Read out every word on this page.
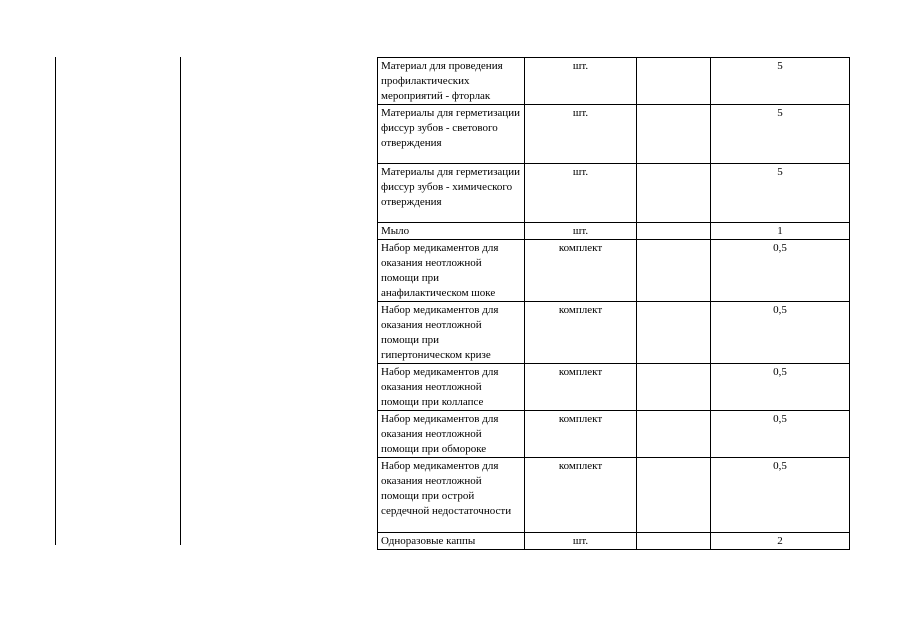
Материал для проведения профилактических мероприятий - фторлак	шт.		5
Материалы для герметизации фиссур зубов - светового отверждения	шт.		5
Материалы для герметизации фиссур зубов - химического отверждения	шт.		5
Мыло	шт.		1
Набор медикаментов для оказания неотложной помощи при анафилактическом шоке	комплект		0,5
Набор медикаментов для оказания неотложной помощи при гипертоническом кризе	комплект		0,5
Набор медикаментов для оказания неотложной помощи при коллапсе	комплект		0,5
Набор медикаментов для оказания неотложной помощи при обмороке	комплект		0,5
Набор медикаментов для оказания неотложной помощи при острой сердечной недостаточности	комплект		0,5
Одноразовые каппы	шт.		2
